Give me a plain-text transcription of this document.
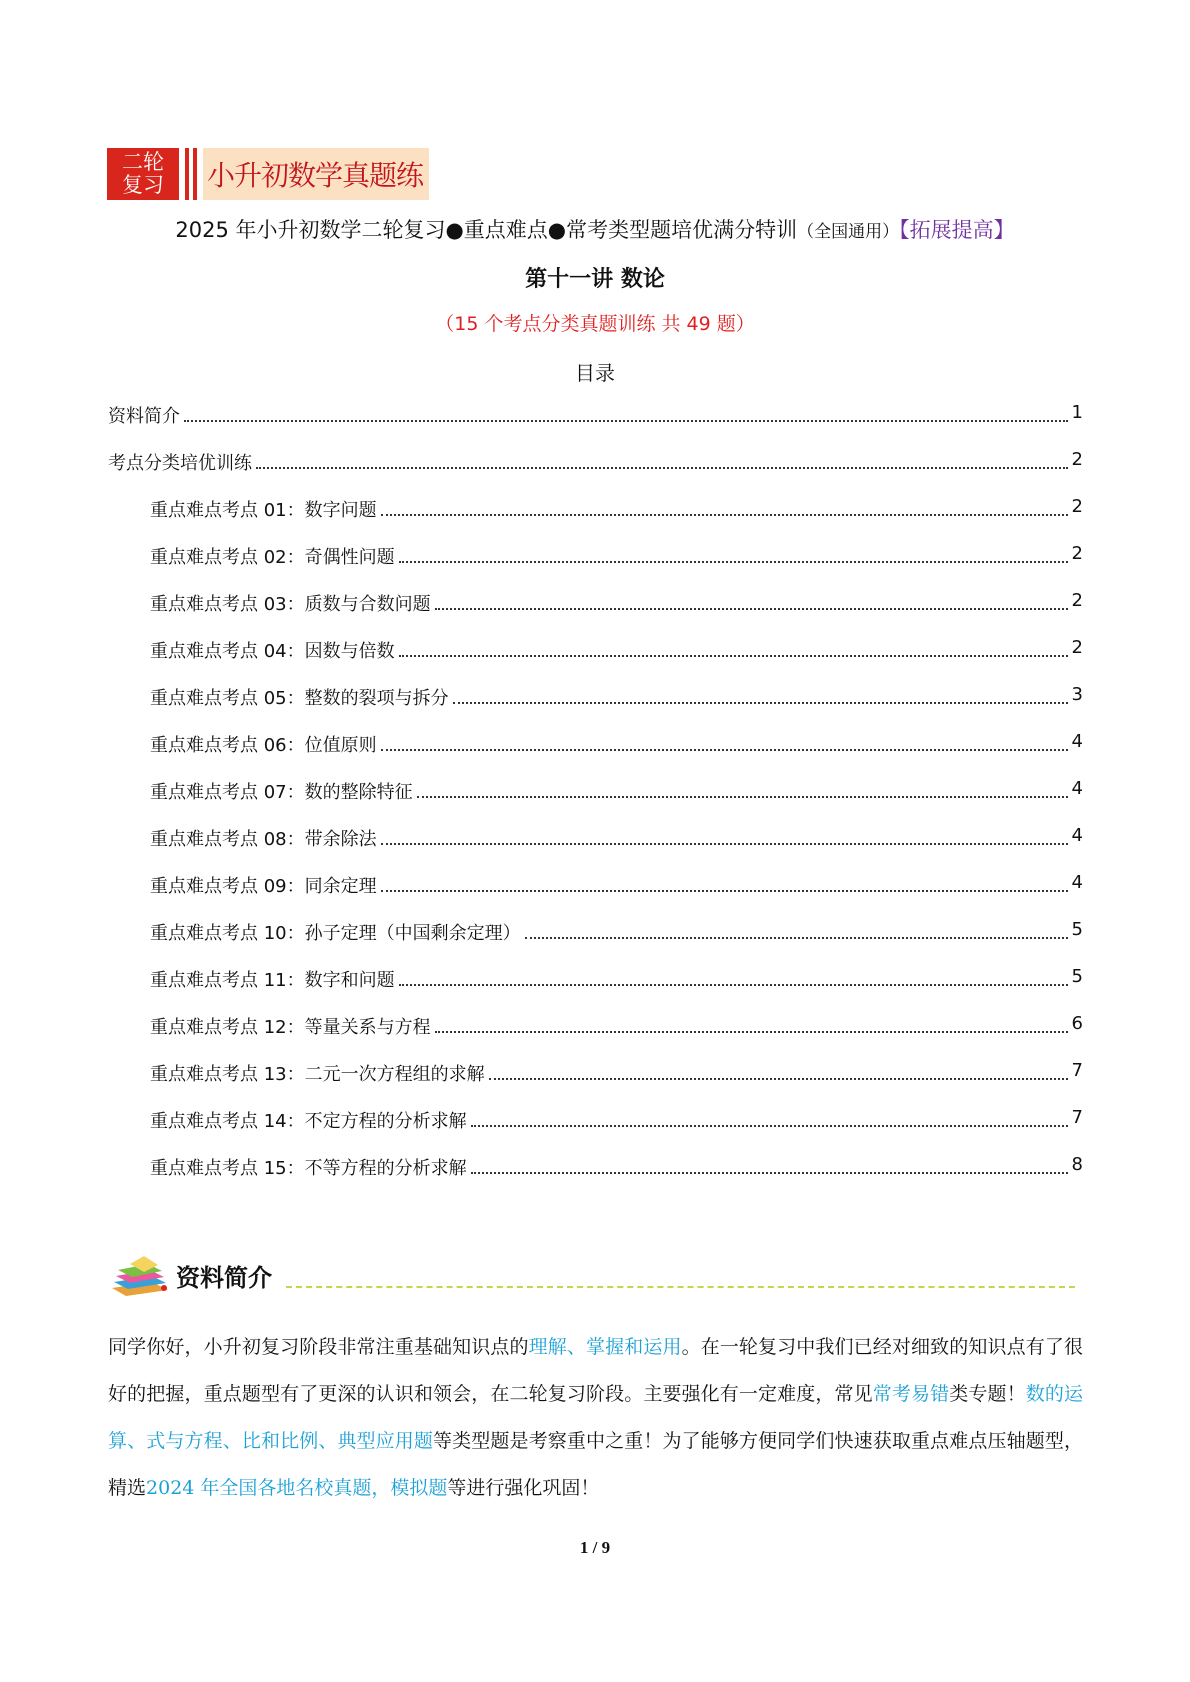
二轮
复习 小升初数学真题练
2025 年小升初数学二轮复习●重点难点●常考类型题培优满分特训（全国通用）【拓展提高】
第十一讲 数论
（15 个考点分类真题训练 共 49 题）
目录
资料简介	1
考点分类培优训练	2
重点难点考点 01：数字问题	2
重点难点考点 02：奇偶性问题	2
重点难点考点 03：质数与合数问题	2
重点难点考点 04：因数与倍数	2
重点难点考点 05：整数的裂项与拆分	3
重点难点考点 06：位值原则	4
重点难点考点 07：数的整除特征	4
重点难点考点 08：带余除法	4
重点难点考点 09：同余定理	4
重点难点考点 10：孙子定理（中国剩余定理）	5
重点难点考点 11：数字和问题	5
重点难点考点 12：等量关系与方程	6
重点难点考点 13：二元一次方程组的求解	7
重点难点考点 14：不定方程的分析求解	7
重点难点考点 15：不等方程的分析求解	8
资料简介
同学你好，小升初复习阶段非常注重基础知识点的理解、掌握和运用。在一轮复习中我们已经对细致的知识点有了很好的把握，重点题型有了更深的认识和领会，在二轮复习阶段。主要强化有一定难度，常见常考易错类专题！数的运算、式与方程、比和比例、典型应用题等类型题是考察重中之重！为了能够方便同学们快速获取重点难点压轴题型，精选2024 年全国各地名校真题，模拟题等进行强化巩固！
1 / 9
